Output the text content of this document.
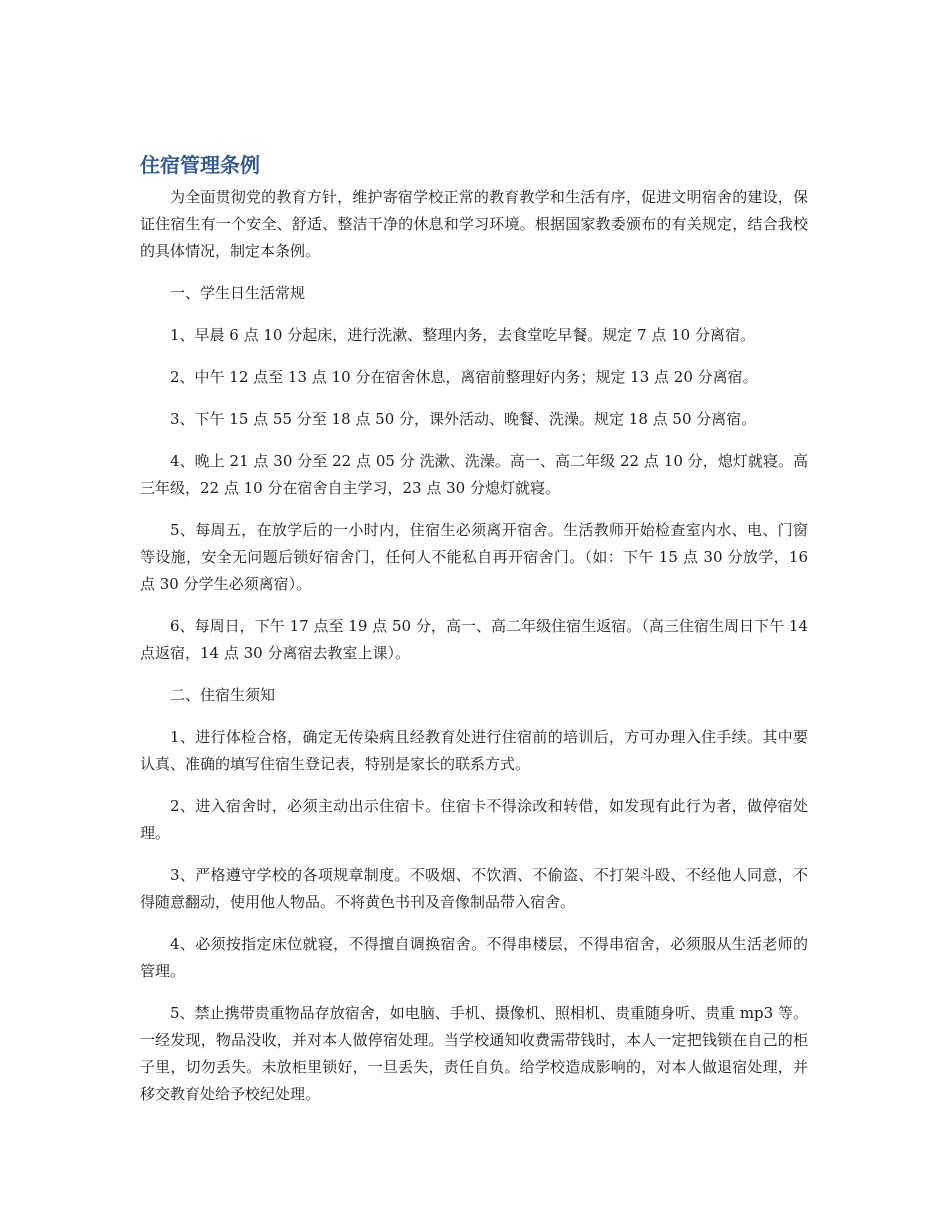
住宿管理条例

为全面贯彻党的教育方针，维护寄宿学校正常的教育教学和生活有序，促进文明宿舍的建设，保证住宿生有一个安全、舒适、整洁干净的休息和学习环境。根据国家教委颁布的有关规定，结合我校的具体情况，制定本条例。

一、学生日生活常规

1、早晨 6 点 10 分起床，进行洗漱、整理内务，去食堂吃早餐。规定 7 点 10 分离宿。

2、中午 12 点至 13 点 10 分在宿舍休息，离宿前整理好内务；规定 13 点 20 分离宿。

3、下午 15 点 55 分至 18 点 50 分，课外活动、晚餐、洗澡。规定 18 点 50 分离宿。

4、晚上 21 点 30 分至 22 点 05 分 洗漱、洗澡。高一、高二年级 22 点 10 分，熄灯就寝。高三年级，22 点 10 分在宿舍自主学习，23 点 30 分熄灯就寝。

5、每周五，在放学后的一小时内，住宿生必须离开宿舍。生活教师开始检查室内水、电、门窗等设施，安全无问题后锁好宿舍门，任何人不能私自再开宿舍门。（如：下午 15 点 30 分放学，16 点 30 分学生必须离宿）。

6、每周日，下午 17 点至 19 点 50 分，高一、高二年级住宿生返宿。（高三住宿生周日下午 14 点返宿，14 点 30 分离宿去教室上课）。

二、住宿生须知

1、进行体检合格，确定无传染病且经教育处进行住宿前的培训后，方可办理入住手续。其中要认真、准确的填写住宿生登记表，特别是家长的联系方式。

2、进入宿舍时，必须主动出示住宿卡。住宿卡不得涂改和转借，如发现有此行为者，做停宿处理。

3、严格遵守学校的各项规章制度。不吸烟、不饮酒、不偷盗、不打架斗殴、不经他人同意，不得随意翻动，使用他人物品。不将黄色书刊及音像制品带入宿舍。

4、必须按指定床位就寝，不得擅自调换宿舍。不得串楼层，不得串宿舍，必须服从生活老师的管理。

5、禁止携带贵重物品存放宿舍，如电脑、手机、摄像机、照相机、贵重随身听、贵重 mp3 等。一经发现，物品没收，并对本人做停宿处理。当学校通知收费需带钱时，本人一定把钱锁在自己的柜子里，切勿丢失。未放柜里锁好，一旦丢失，责任自负。给学校造成影响的，对本人做退宿处理，并移交教育处给予校纪处理。
